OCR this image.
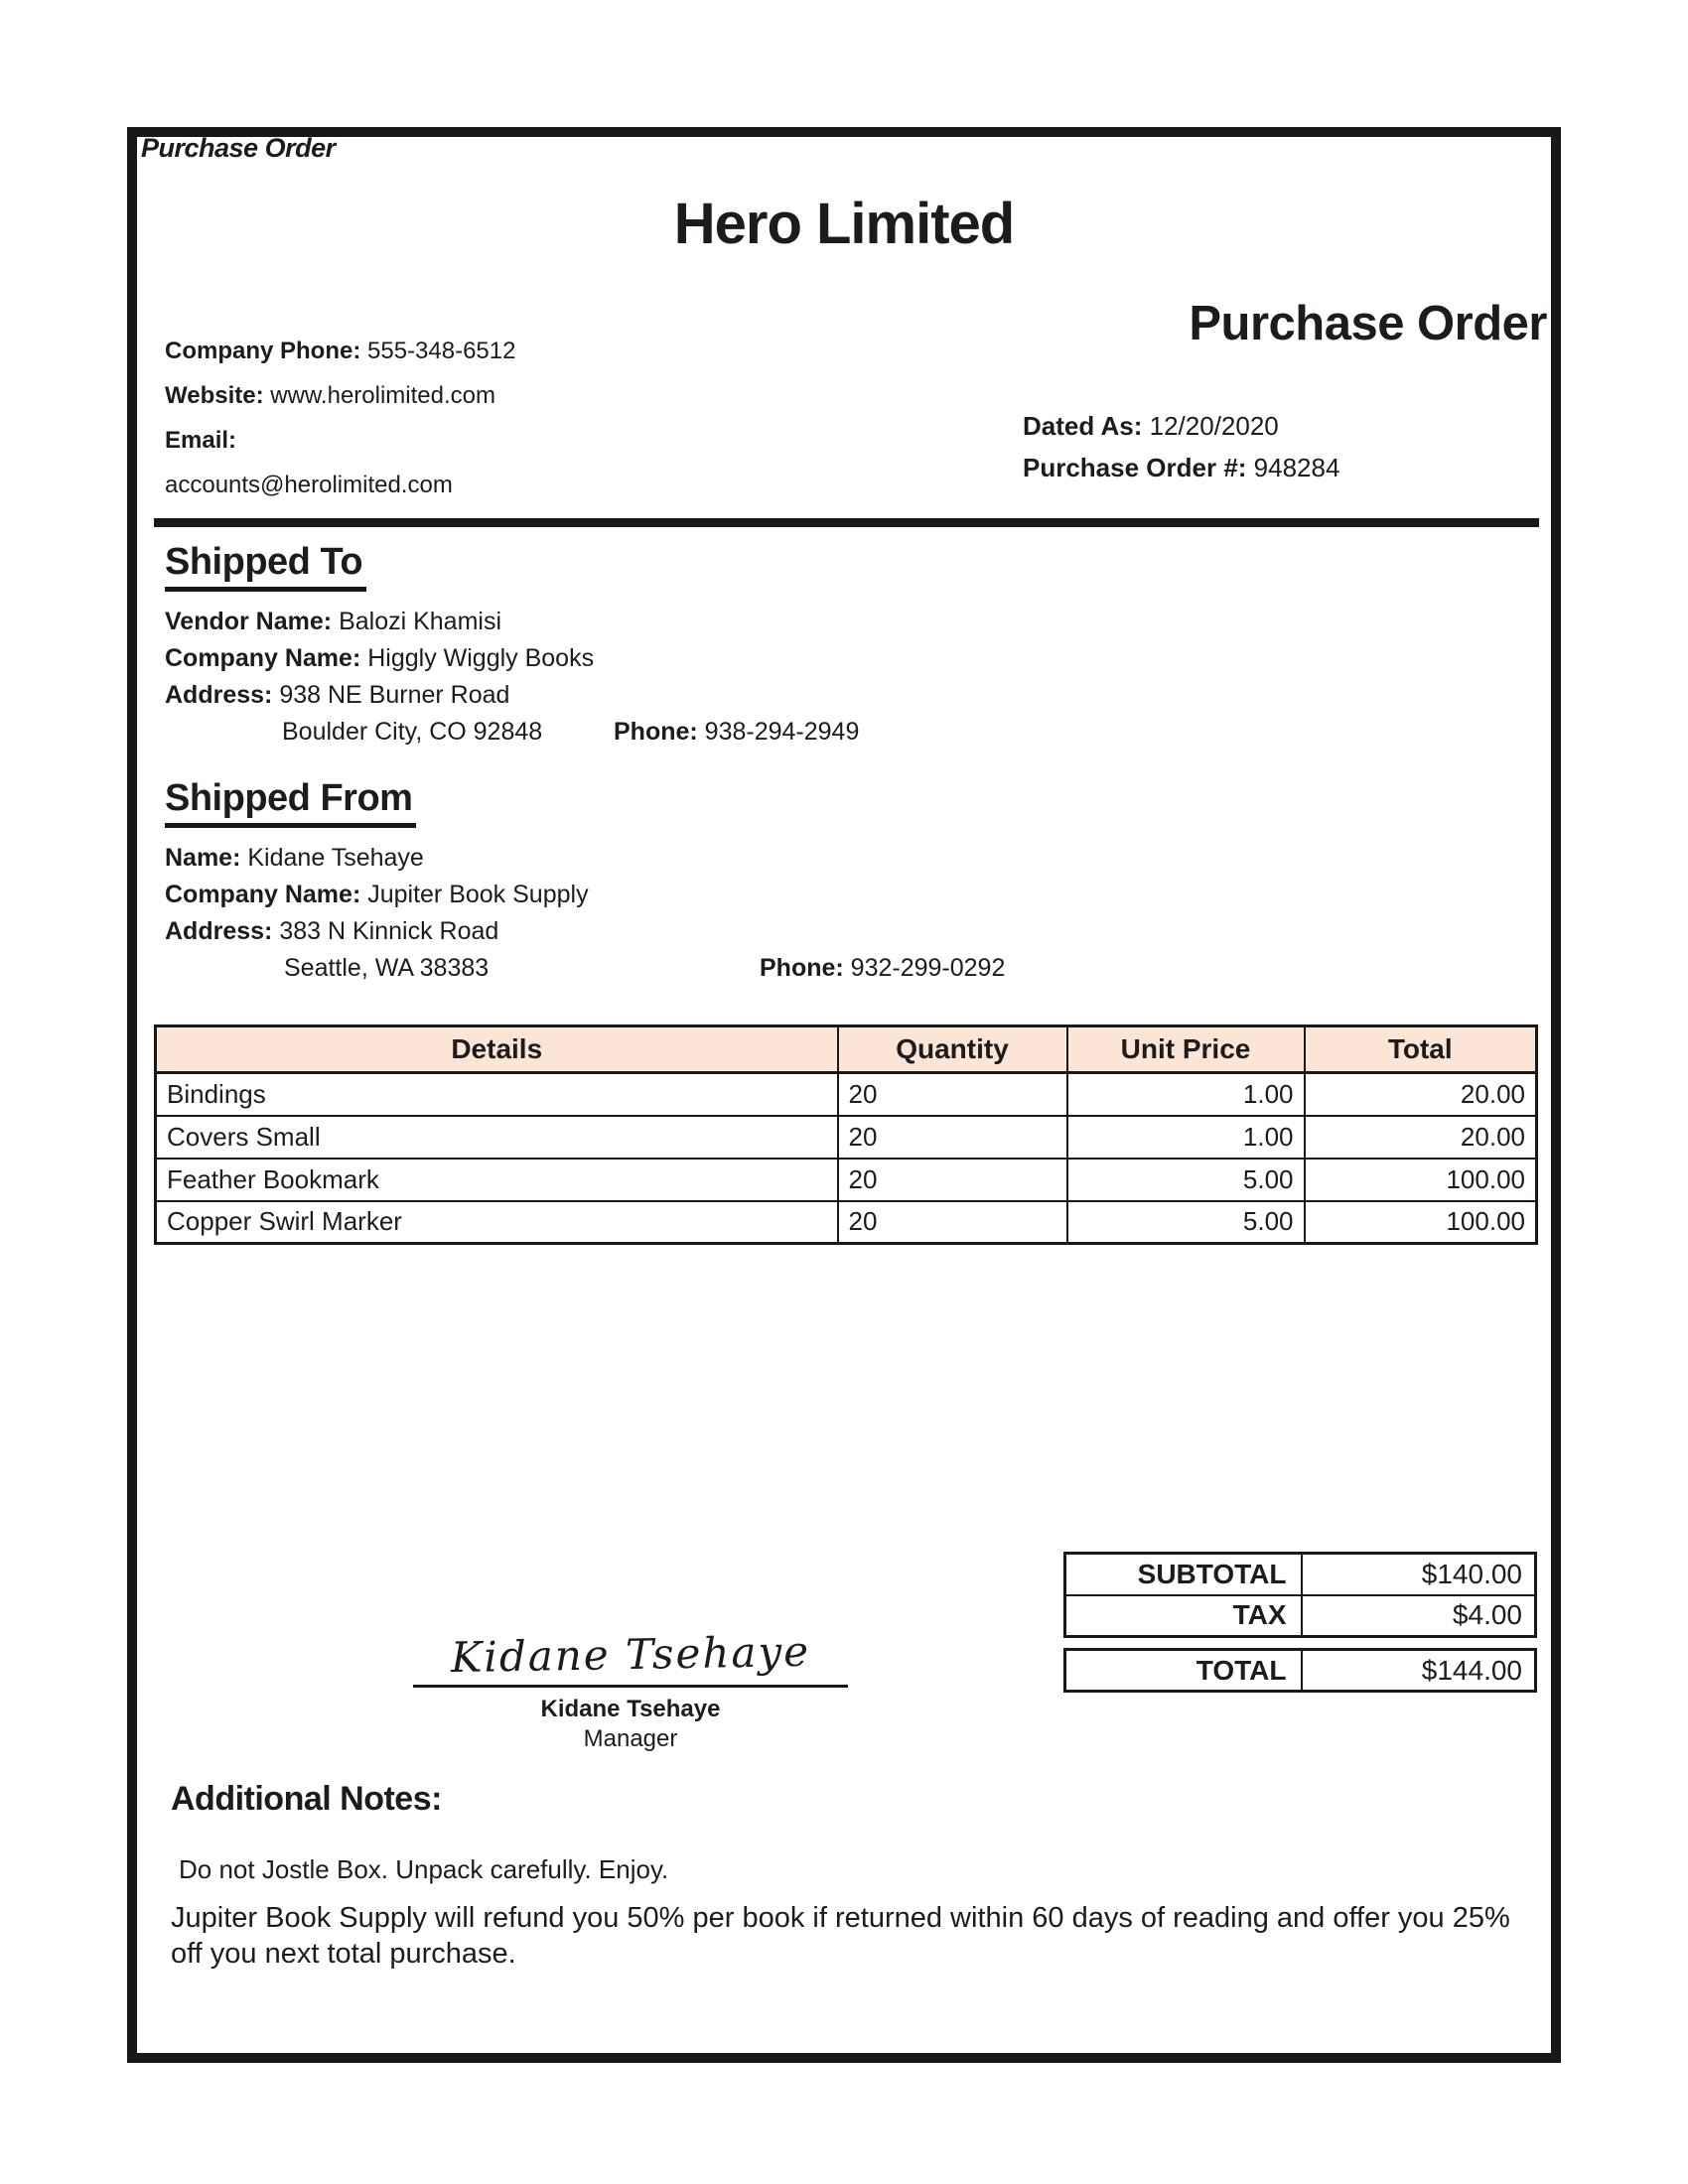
Purchase Order
Hero Limited
Purchase Order
Company Phone: 555-348-6512
Website: www.herolimited.com
Email:
accounts@herolimited.com
Dated As: 12/20/2020
Purchase Order #: 948284
Shipped To
Vendor Name: Balozi Khamisi
Company Name: Higgly Wiggly Books
Address: 938 NE Burner Road
Boulder City, CO 92848	Phone: 938-294-2949
Shipped From
Name: Kidane Tsehaye
Company Name: Jupiter Book Supply
Address: 383 N Kinnick Road
Seattle, WA 38383	Phone: 932-299-0292
Details	Quantity	Unit Price	Total
Bindings	20	1.00	20.00
Covers Small	20	1.00	20.00
Feather Bookmark	20	5.00	100.00
Copper Swirl Marker	20	5.00	100.00
SUBTOTAL	$140.00
TAX	$4.00
TOTAL	$144.00
Kidane Tsehaye
Kidane Tsehaye
Manager
Additional Notes:
Do not Jostle Box. Unpack carefully. Enjoy.
Jupiter Book Supply will refund you 50% per book if returned within 60 days of reading and offer you 25% off you next total purchase.
